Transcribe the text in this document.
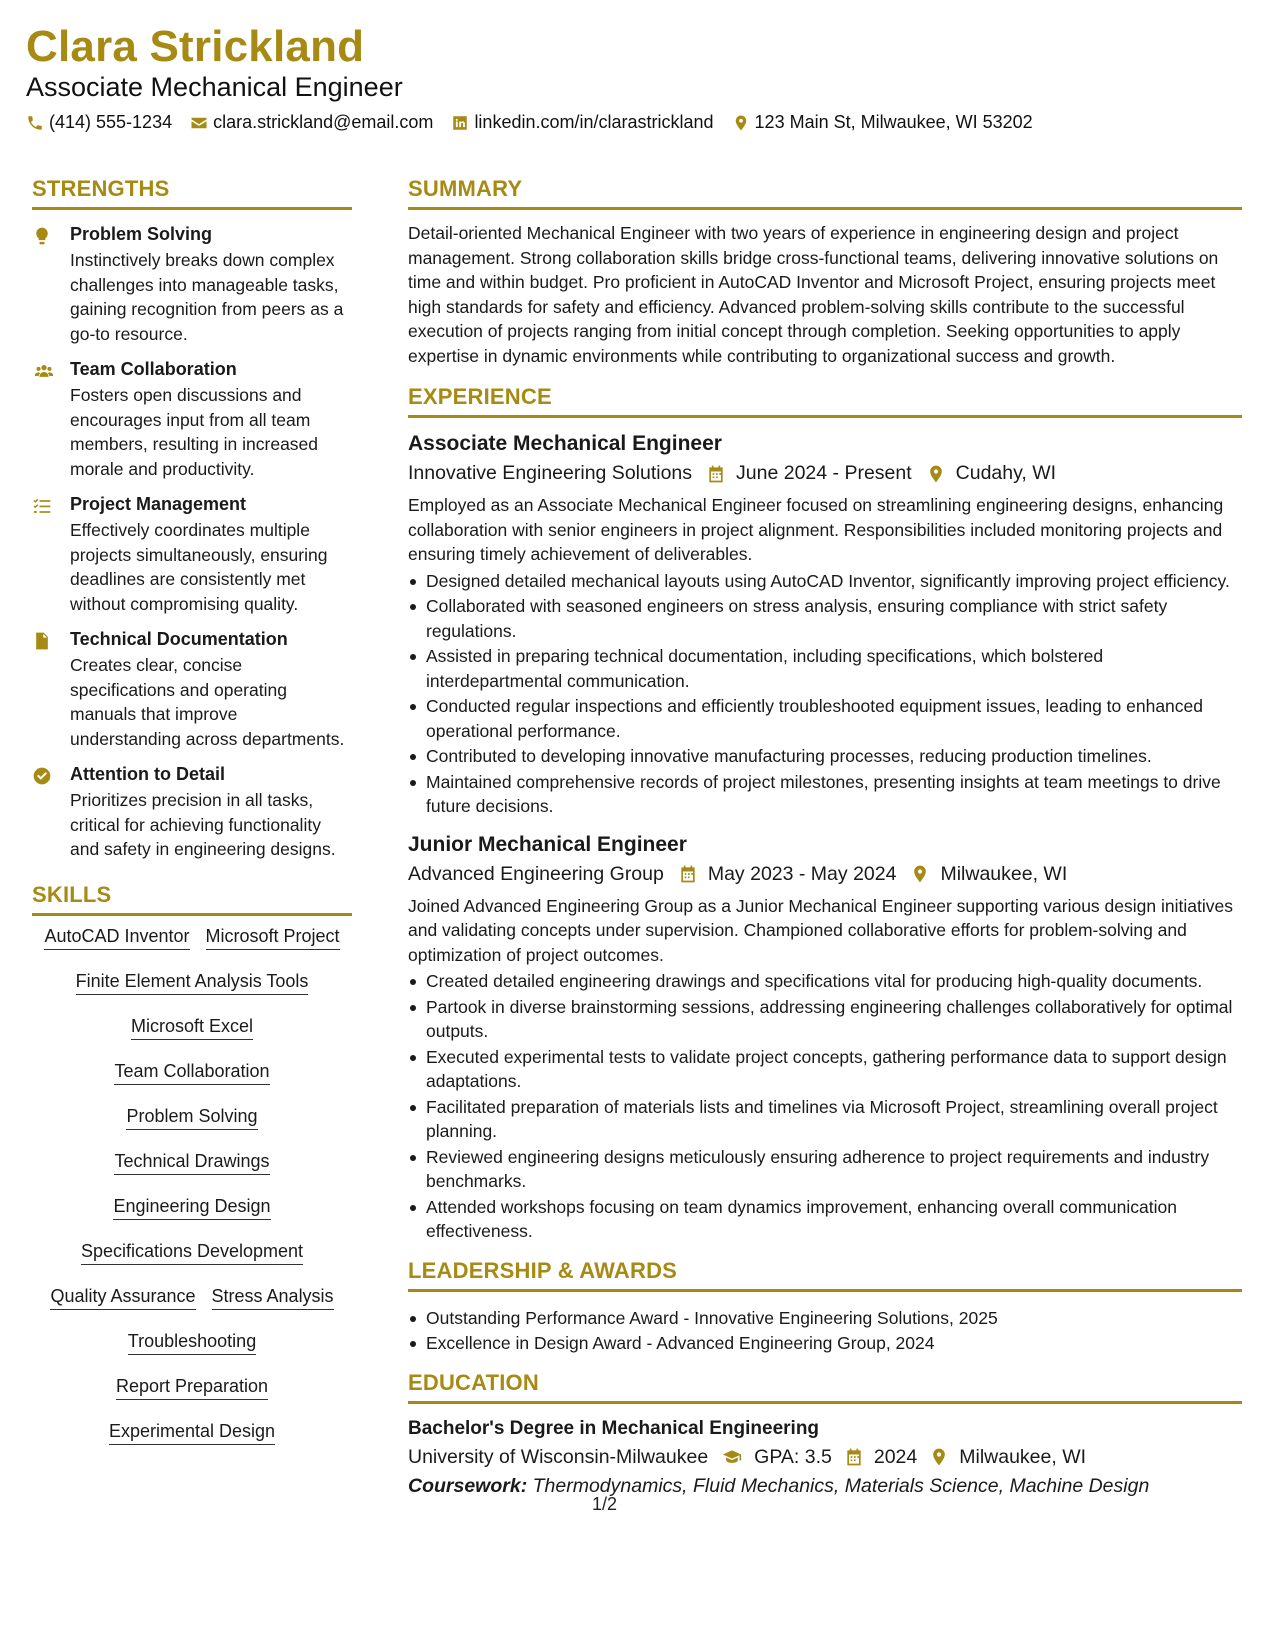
Clara Strickland
Associate Mechanical Engineer
(414) 555-1234 clara.strickland@email.com linkedin.com/in/clarastrickland 123 Main St, Milwaukee, WI 53202
STRENGTHS
Problem Solving
Instinctively breaks down complex challenges into manageable tasks, gaining recognition from peers as a go-to resource.
Team Collaboration
Fosters open discussions and encourages input from all team members, resulting in increased morale and productivity.
Project Management
Effectively coordinates multiple projects simultaneously, ensuring deadlines are consistently met without compromising quality.
Technical Documentation
Creates clear, concise specifications and operating manuals that improve understanding across departments.
Attention to Detail
Prioritizes precision in all tasks, critical for achieving functionality and safety in engineering designs.
SKILLS
AutoCAD Inventor Microsoft Project
Finite Element Analysis Tools
Microsoft Excel
Team Collaboration
Problem Solving
Technical Drawings
Engineering Design
Specifications Development
Quality Assurance Stress Analysis
Troubleshooting
Report Preparation
Experimental Design
SUMMARY
Detail-oriented Mechanical Engineer with two years of experience in engineering design and project management. Strong collaboration skills bridge cross-functional teams, delivering innovative solutions on time and within budget. Pro proficient in AutoCAD Inventor and Microsoft Project, ensuring projects meet high standards for safety and efficiency. Advanced problem-solving skills contribute to the successful execution of projects ranging from initial concept through completion. Seeking opportunities to apply expertise in dynamic environments while contributing to organizational success and growth.
EXPERIENCE
Associate Mechanical Engineer
Innovative Engineering Solutions June 2024 - Present Cudahy, WI
Employed as an Associate Mechanical Engineer focused on streamlining engineering designs, enhancing collaboration with senior engineers in project alignment. Responsibilities included monitoring projects and ensuring timely achievement of deliverables.
Designed detailed mechanical layouts using AutoCAD Inventor, significantly improving project efficiency.
Collaborated with seasoned engineers on stress analysis, ensuring compliance with strict safety regulations.
Assisted in preparing technical documentation, including specifications, which bolstered interdepartmental communication.
Conducted regular inspections and efficiently troubleshooted equipment issues, leading to enhanced operational performance.
Contributed to developing innovative manufacturing processes, reducing production timelines.
Maintained comprehensive records of project milestones, presenting insights at team meetings to drive future decisions.
Junior Mechanical Engineer
Advanced Engineering Group May 2023 - May 2024 Milwaukee, WI
Joined Advanced Engineering Group as a Junior Mechanical Engineer supporting various design initiatives and validating concepts under supervision. Championed collaborative efforts for problem-solving and optimization of project outcomes.
Created detailed engineering drawings and specifications vital for producing high-quality documents.
Partook in diverse brainstorming sessions, addressing engineering challenges collaboratively for optimal outputs.
Executed experimental tests to validate project concepts, gathering performance data to support design adaptations.
Facilitated preparation of materials lists and timelines via Microsoft Project, streamlining overall project planning.
Reviewed engineering designs meticulously ensuring adherence to project requirements and industry benchmarks.
Attended workshops focusing on team dynamics improvement, enhancing overall communication effectiveness.
LEADERSHIP & AWARDS
Outstanding Performance Award - Innovative Engineering Solutions, 2025
Excellence in Design Award - Advanced Engineering Group, 2024
EDUCATION
Bachelor's Degree in Mechanical Engineering
University of Wisconsin-Milwaukee GPA: 3.5 2024 Milwaukee, WI
Coursework: Thermodynamics, Fluid Mechanics, Materials Science, Machine Design
1/2
